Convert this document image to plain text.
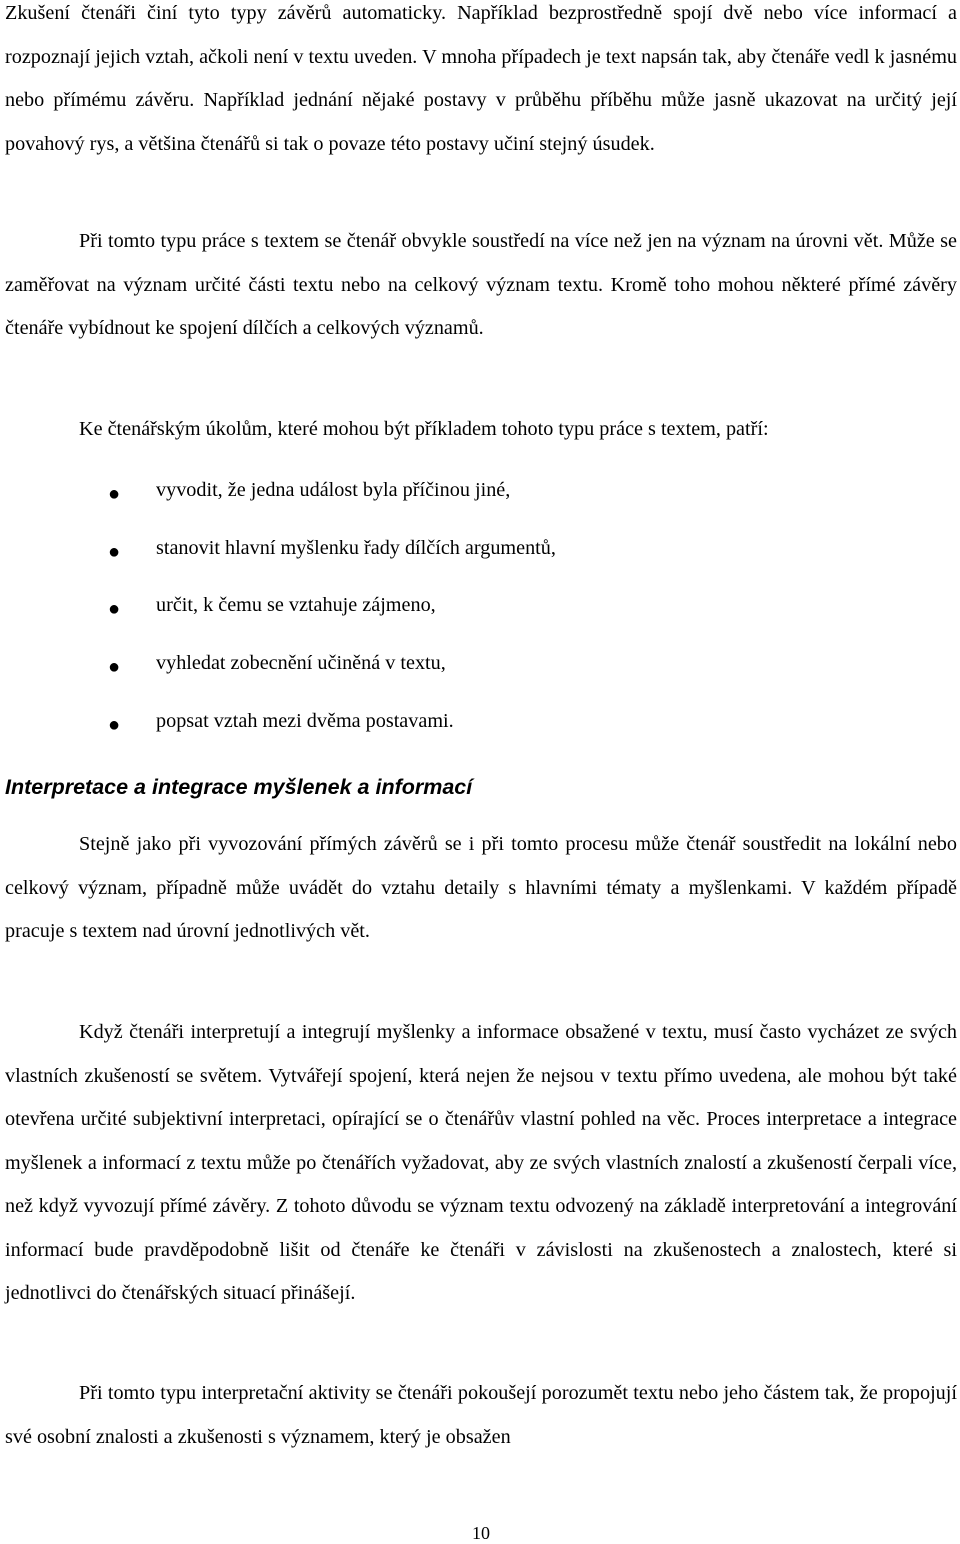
Zkušení čtenáři činí tyto typy závěrů automaticky. Například bezprostředně spojí dvě nebo více informací a rozpoznají jejich vztah, ačkoli není v textu uveden. V mnoha případech je text napsán tak, aby čtenáře vedl k jasnému nebo přímému závěru. Například jednání nějaké postavy v průběhu příběhu může jasně ukazovat na určitý její povahový rys, a většina čtenářů si tak o povaze této postavy učiní stejný úsudek.

Při tomto typu práce s textem se čtenář obvykle soustředí na více než jen na význam na úrovni vět. Může se zaměřovat na význam určité části textu nebo na celkový význam textu. Kromě toho mohou některé přímé závěry čtenáře vybídnout ke spojení dílčích a celkových významů.

Ke čtenářským úkolům, které mohou být příkladem tohoto typu práce s textem, patří:

●	vyvodit, že jedna událost byla příčinou jiné,
●	stanovit hlavní myšlenku řady dílčích argumentů,
●	určit, k čemu se vztahuje zájmeno,
●	vyhledat zobecnění učiněná v textu,
●	popsat vztah mezi dvěma postavami.
Interpretace a integrace myšlenek a informací

Stejně jako při vyvozování přímých závěrů se i při tomto procesu může čtenář soustředit na lokální nebo celkový význam, případně může uvádět do vztahu detaily s hlavními tématy a myšlenkami. V každém případě pracuje s textem nad úrovní jednotlivých vět.

Když čtenáři interpretují a integrují myšlenky a informace obsažené v textu, musí často vycházet ze svých vlastních zkušeností se světem. Vytvářejí spojení, která nejen že nejsou v textu přímo uvedena, ale mohou být také otevřena určité subjektivní interpretaci, opírající se o čtenářův vlastní pohled na věc. Proces interpretace a integrace myšlenek a informací z textu může po čtenářích vyžadovat, aby ze svých vlastních znalostí a zkušeností čerpali více, než když vyvozují přímé závěry. Z tohoto důvodu se význam textu odvozený na základě interpretování a integrování informací bude pravděpodobně lišit od čtenáře ke čtenáři v závislosti na zkušenostech a znalostech, které si jednotlivci do čtenářských situací přinášejí.

Při tomto typu interpretační aktivity se čtenáři pokoušejí porozumět textu nebo jeho částem tak, že propojují své osobní znalosti a zkušenosti s významem, který je obsažen

10
